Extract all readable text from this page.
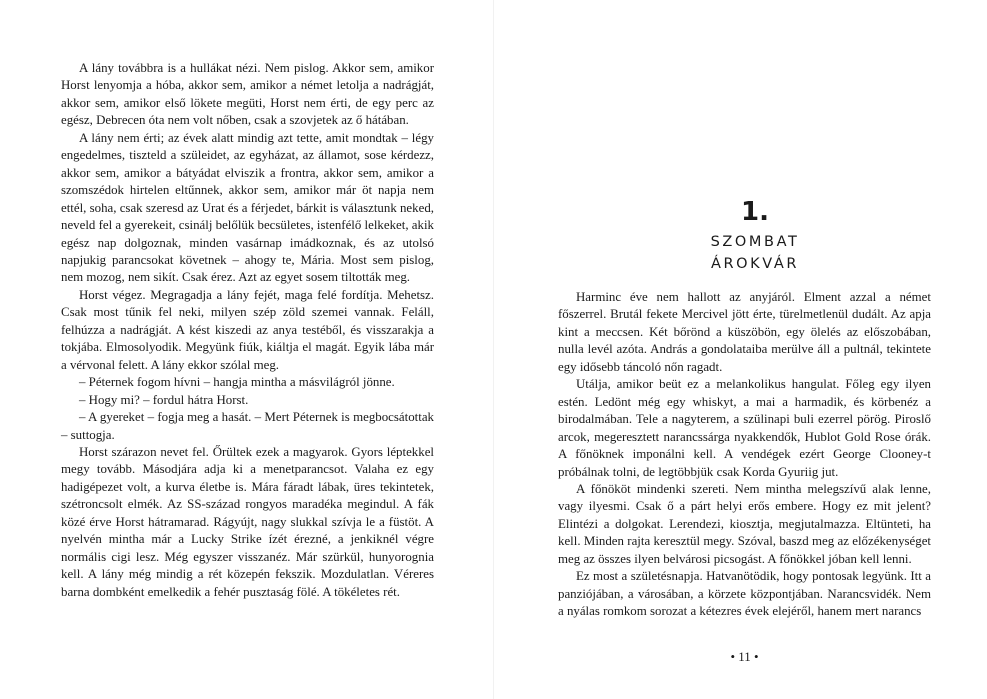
A lány továbbra is a hullákat nézi. Nem pislog. Akkor sem, amikor Horst lenyomja a hóba, akkor sem, amikor a német letolja a nadrágját, akkor sem, amikor első lökete megüti, Horst nem érti, de egy perc az egész, Debrecen óta nem volt nőben, csak a szovjetek az ő hátában.

A lány nem érti; az évek alatt mindig azt tette, amit mondtak – légy engedelmes, tiszteld a szüleidet, az egyházat, az államot, sose kérdezz, akkor sem, amikor a bátyádat elviszik a frontra, akkor sem, amikor a szomszédok hirtelen eltűnnek, akkor sem, amikor már öt napja nem ettél, soha, csak szeresd az Urat és a férjedet, bárkit is választunk neked, neveld fel a gyerekeit, csinálj belőlük becsületes, istenfélő lelkeket, akik egész nap dolgoznak, minden vasárnap imádkoznak, és az utolsó napjukig parancsokat követnek – ahogy te, Mária. Most sem pislog, nem mozog, nem sikít. Csak érez. Azt az egyet sosem tiltották meg.

Horst végez. Megragadja a lány fejét, maga felé fordítja. Mehetsz. Csak most tűnik fel neki, milyen szép zöld szemei vannak. Feláll, felhúzza a nadrágját. A kést kiszedi az anya testéből, és visszarakja a tokjába. Elmosolyodik. Megyünk fiúk, kiáltja el magát. Egyik lába már a vérvonal felett. A lány ekkor szólal meg.

– Péternek fogom hívni – hangja mintha a másvilágról jönne.

– Hogy mi? – fordul hátra Horst.

– A gyereket – fogja meg a hasát. – Mert Péternek is megbocsátottak – suttogja.

Horst szárazon nevet fel. Őrültek ezek a magyarok. Gyors léptekkel megy tovább. Másodjára adja ki a menetparancsot. Valaha ez egy hadigépezet volt, a kurva életbe is. Mára fáradt lábak, üres tekintetek, szétroncsolt elmék. Az SS-század rongyos maradéka megindul. A fák közé érve Horst hátramarad. Rágyújt, nagy slukkal szívja le a füstöt. A nyelvén mintha már a Lucky Strike ízét érezné, a jenkiknél végre normális cigi lesz. Még egyszer visszanéz. Már szürkül, hunyorognia kell. A lány még mindig a rét közepén fekszik. Mozdulatlan. Véreres barna dombként emelkedik a fehér pusztaság fölé. A tökéletes rét.

1.
SZOMBAT
ÁROKVÁR

Harminc éve nem hallott az anyjáról. Elment azzal a német főszerrel. Brutál fekete Mercivel jött érte, türelmetlenül dudált. Az apja kint a meccsen. Két bőrönd a küszöbön, egy ölelés az előszobában, nulla levél azóta. András a gondolataiba merülve áll a pultnál, tekintete egy idősebb táncoló nőn ragadt.

Utálja, amikor beüt ez a melankolikus hangulat. Főleg egy ilyen estén. Ledönt még egy whiskyt, a mai a harmadik, és körbenéz a birodalmában. Tele a nagyterem, a szülinapi buli ezerrel pörög. Piroslő arcok, megeresztett narancssárga nyakkendők, Hublot Gold Rose órák. A főnöknek imponálni kell. A vendégek ezért George Clooney-t próbálnak tolni, de legtöbbjük csak Korda Gyuriig jut.

A főnököt mindenki szereti. Nem mintha melegszívű alak lenne, vagy ilyesmi. Csak ő a párt helyi erős embere. Hogy ez mit jelent? Elintézi a dolgokat. Lerendezi, kiosztja, megjutalmazza. Eltünteti, ha kell. Minden rajta keresztül megy. Szóval, baszd meg az előzékenységet meg az összes ilyen belvárosi picsogást. A főnökkel jóban kell lenni.

Ez most a születésnapja. Hatvanötödik, hogy pontosak legyünk. Itt a panziójában, a városában, a körzete központjában. Narancsvidék. Nem a nyálas romkom sorozat a kétezres évek elejéről, hanem mert narancs

• 11 •
